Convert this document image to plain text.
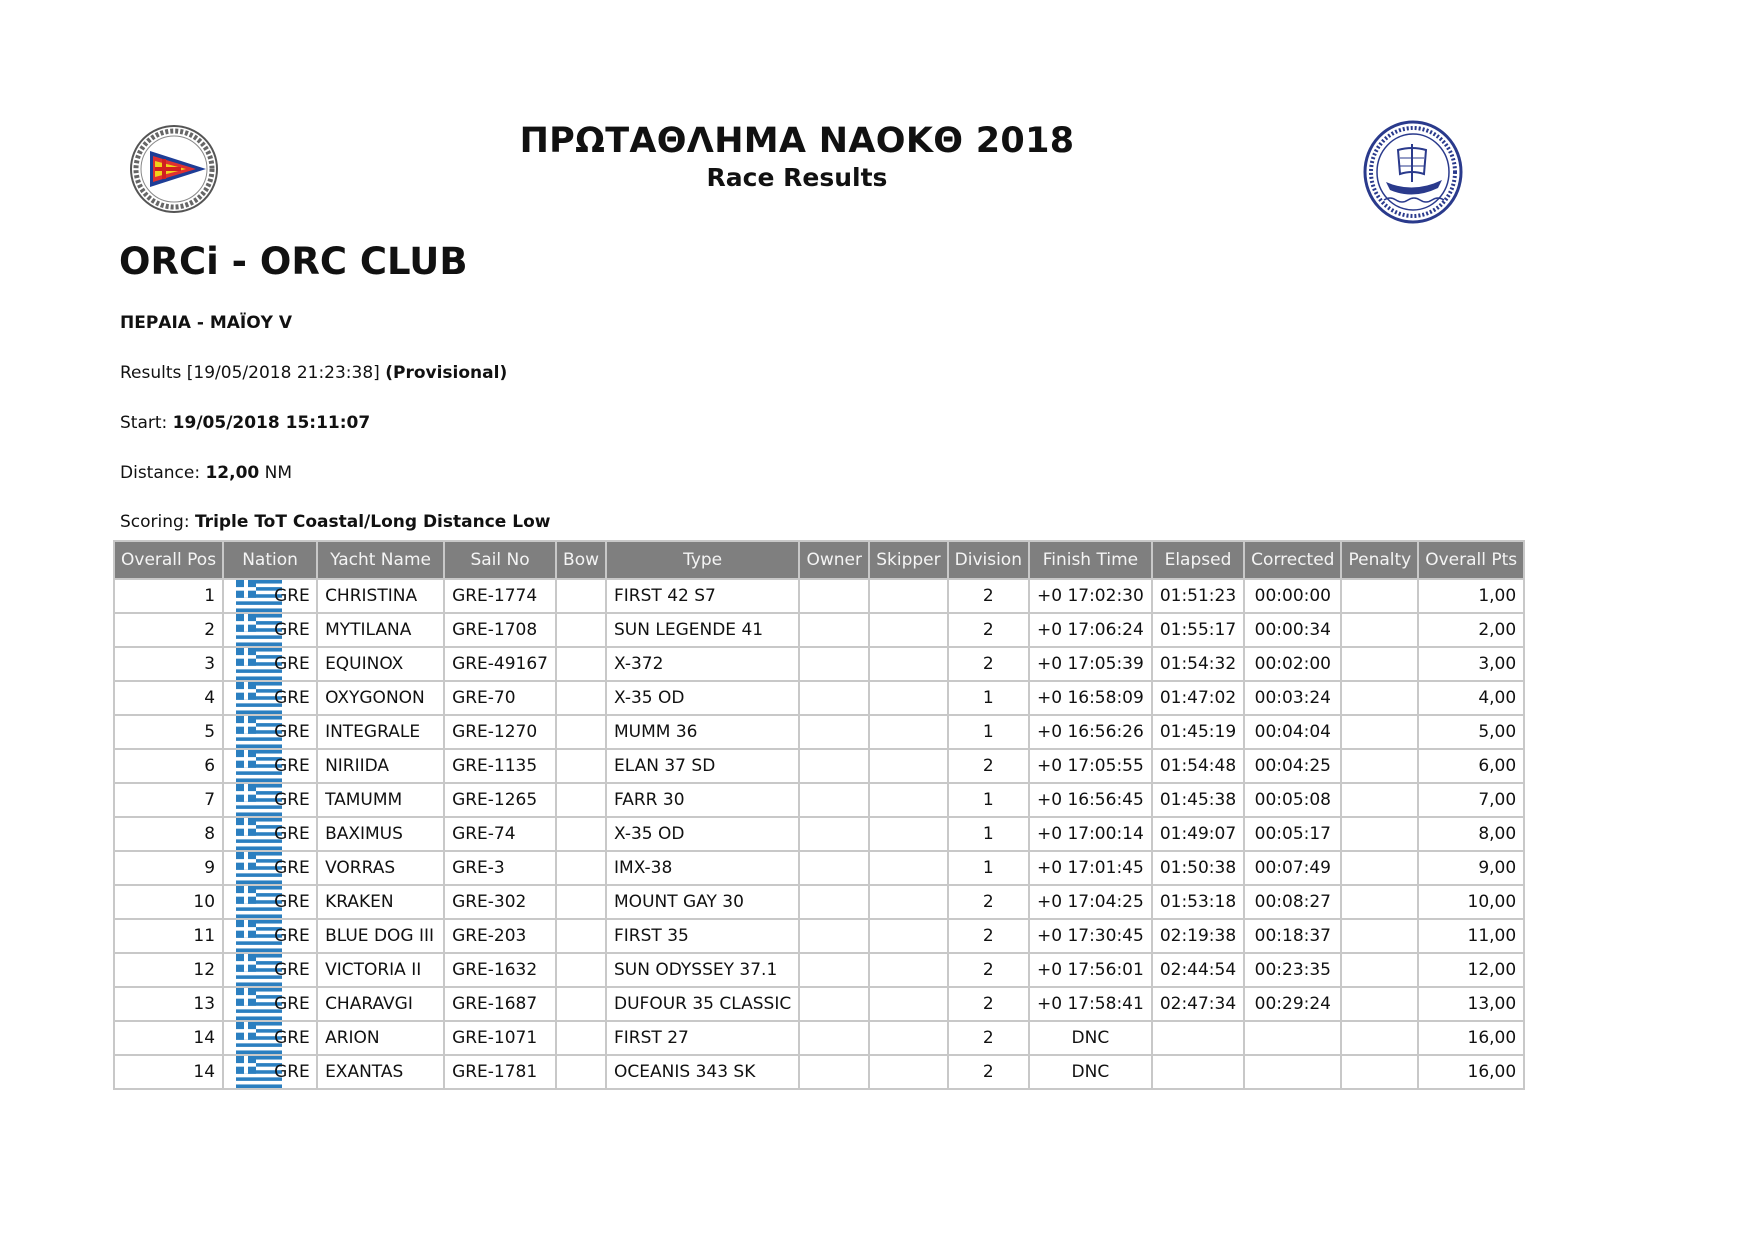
ΠΡΩΤΑΘΛΗΜΑ ΝΑΟΚΘ 2018
Race Results
ORCi - ORC CLUB
ΠΕΡΑΙΑ - ΜΑΪΟΥ V
Results [19/05/2018 21:23:38] (Provisional)
Start: 19/05/2018 15:11:07
Distance: 12,00 NM
Scoring: Triple ToT Coastal/Long Distance Low
Overall Pos	Nation	Yacht Name	Sail No	Bow	Type	Owner	Skipper	Division	Finish Time	Elapsed	Corrected	Penalty	Overall Pts
1	GRE	CHRISTINA	GRE-1774		FIRST 42 S7			2	+0 17:02:30	01:51:23	00:00:00		1,00
2	GRE	MYTILANA	GRE-1708		SUN LEGENDE 41			2	+0 17:06:24	01:55:17	00:00:34		2,00
3	GRE	EQUINOX	GRE-49167		X-372			2	+0 17:05:39	01:54:32	00:02:00		3,00
4	GRE	OXYGONON	GRE-70		X-35 OD			1	+0 16:58:09	01:47:02	00:03:24		4,00
5	GRE	INTEGRALE	GRE-1270		MUMM 36			1	+0 16:56:26	01:45:19	00:04:04		5,00
6	GRE	NIRIIDA	GRE-1135		ELAN 37 SD			2	+0 17:05:55	01:54:48	00:04:25		6,00
7	GRE	TAMUMM	GRE-1265		FARR 30			1	+0 16:56:45	01:45:38	00:05:08		7,00
8	GRE	BAXIMUS	GRE-74		X-35 OD			1	+0 17:00:14	01:49:07	00:05:17		8,00
9	GRE	VORRAS	GRE-3		IMX-38			1	+0 17:01:45	01:50:38	00:07:49		9,00
10	GRE	KRAKEN	GRE-302		MOUNT GAY 30			2	+0 17:04:25	01:53:18	00:08:27		10,00
11	GRE	BLUE DOG III	GRE-203		FIRST 35			2	+0 17:30:45	02:19:38	00:18:37		11,00
12	GRE	VICTORIA II	GRE-1632		SUN ODYSSEY 37.1			2	+0 17:56:01	02:44:54	00:23:35		12,00
13	GRE	CHARAVGI	GRE-1687		DUFOUR 35 CLASSIC			2	+0 17:58:41	02:47:34	00:29:24		13,00
14	GRE	ARION	GRE-1071		FIRST 27			2	DNC				16,00
14	GRE	EXANTAS	GRE-1781		OCEANIS 343 SK			2	DNC				16,00
